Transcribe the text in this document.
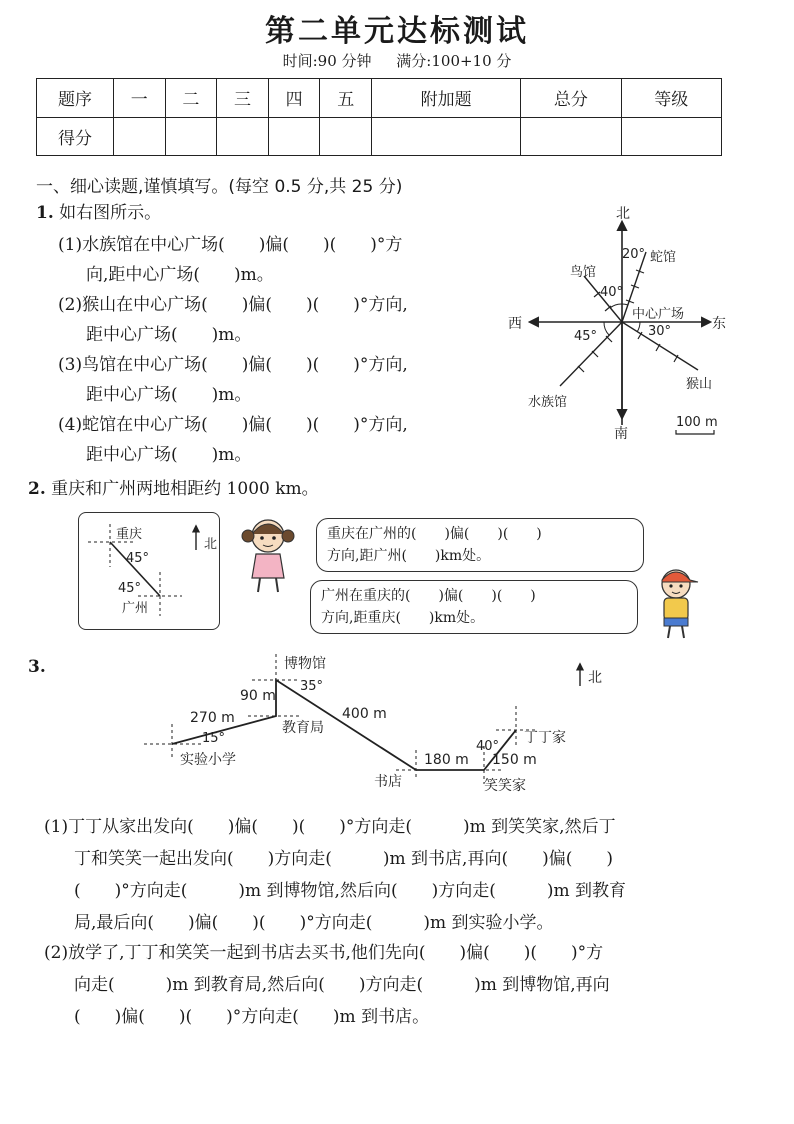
第二单元达标测试
时间:90 分钟 满分:100+10 分
题序	一	二	三	四	五	附加题	总分	等级
得分								
一、细心读题,谨慎填写。(每空 0.5 分,共 25 分)
1. 如右图所示。
(1)水族馆在中心广场(　　)偏(　　)(　　)°方
向,距中心广场(　　)m。
(2)猴山在中心广场(　　)偏(　　)(　　)°方向,
距中心广场(　　)m。
(3)鸟馆在中心广场(　　)偏(　　)(　　)°方向,
距中心广场(　　)m。
(4)蛇馆在中心广场(　　)偏(　　)(　　)°方向,
距中心广场(　　)m。
北
南
东
西
中心广场
蛇馆
鸟馆
猴山
水族馆
20°
40°
45°	30°
100 m
2. 重庆和广州两地相距约 1000 km。
重庆
45°
45°
广州
北
重庆在广州的(　　)偏(　　)(　　)
方向,距广州(　　)km处。
广州在重庆的(　　)偏(　　)(　　)
方向,距重庆(　　)km处。
3.
北
博物馆
教育局
实验小学
书店
丁丁家
笑笑家
90 m
270 m	400 m
180 m 150 m
15°
35°
40°
(1)丁丁从家出发向(　　)偏(　　)(　　)°方向走(　　　)m 到笑笑家,然后丁
丁和笑笑一起出发向(　　)方向走(　　　)m 到书店,再向(　　)偏(　　)
(　　)°方向走(　　　)m 到博物馆,然后向(　　)方向走(　　　)m 到教育
局,最后向(　　)偏(　　)(　　)°方向走(　　　)m 到实验小学。
(2)放学了,丁丁和笑笑一起到书店去买书,他们先向(　　)偏(　　)(　　)°方
向走(　　　)m 到教育局,然后向(　　)方向走(　　　)m 到博物馆,再向
(　　)偏(　　)(　　)°方向走(　　)m 到书店。
